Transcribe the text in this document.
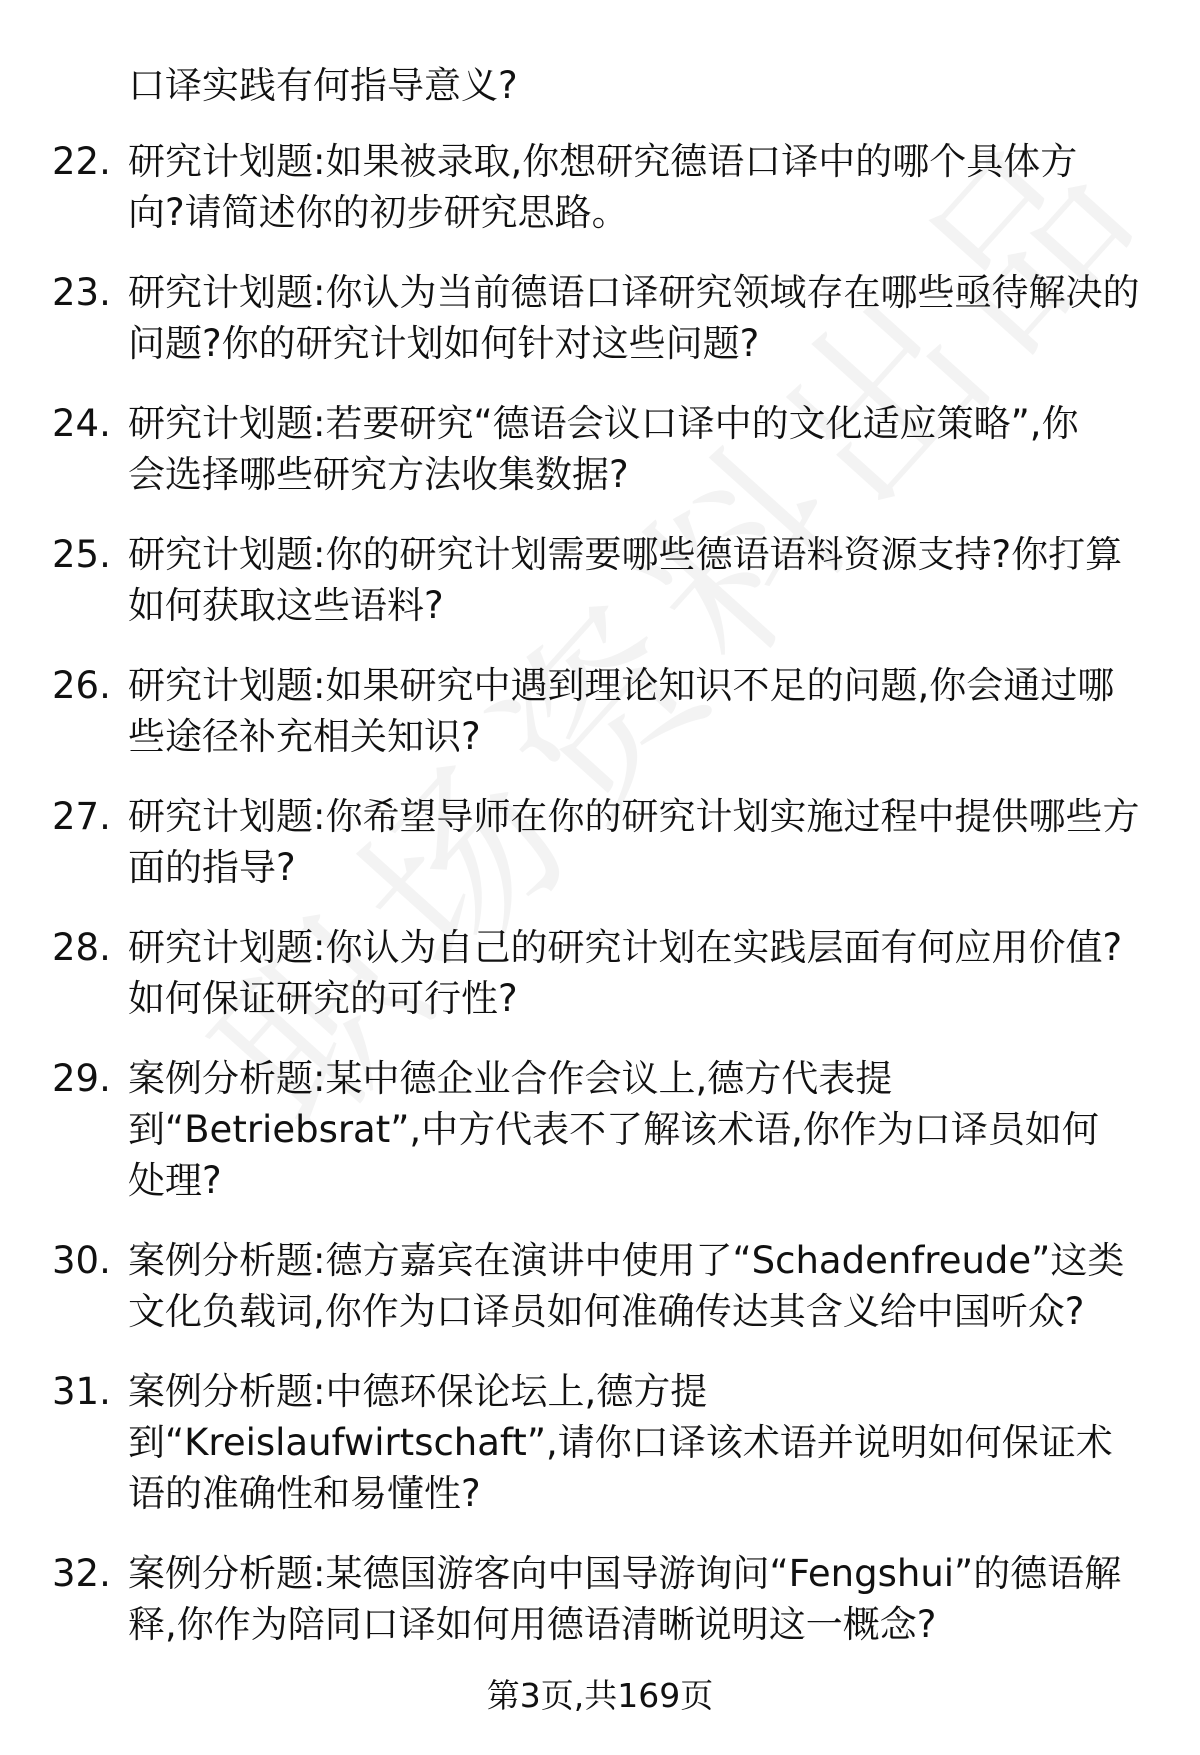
口译实践有何指导意义?
22. 研究计划题:如果被录取,你想研究德语口译中的哪个具体方
向?请简述你的初步研究思路。
23. 研究计划题:你认为当前德语口译研究领域存在哪些亟待解决的
问题?你的研究计划如何针对这些问题?
24. 研究计划题:若要研究“德语会议口译中的文化适应策略”,你
会选择哪些研究方法收集数据?
25. 研究计划题:你的研究计划需要哪些德语语料资源支持?你打算
如何获取这些语料?
26. 研究计划题:如果研究中遇到理论知识不足的问题,你会通过哪
些途径补充相关知识?
27. 研究计划题:你希望导师在你的研究计划实施过程中提供哪些方
面的指导?
28. 研究计划题:你认为自己的研究计划在实践层面有何应用价值?
如何保证研究的可行性?
29. 案例分析题:某中德企业合作会议上,德方代表提
到“Betriebsrat”,中方代表不了解该术语,你作为口译员如何
处理?
30. 案例分析题:德方嘉宾在演讲中使用了“Schadenfreude”这类
文化负载词,你作为口译员如何准确传达其含义给中国听众?
31. 案例分析题:中德环保论坛上,德方提
到“Kreislaufwirtschaft”,请你口译该术语并说明如何保证术
语的准确性和易懂性?
32. 案例分析题:某德国游客向中国导游询问“Fengshui”的德语解
释,你作为陪同口译如何用德语清晰说明这一概念?
第3页,共169页
